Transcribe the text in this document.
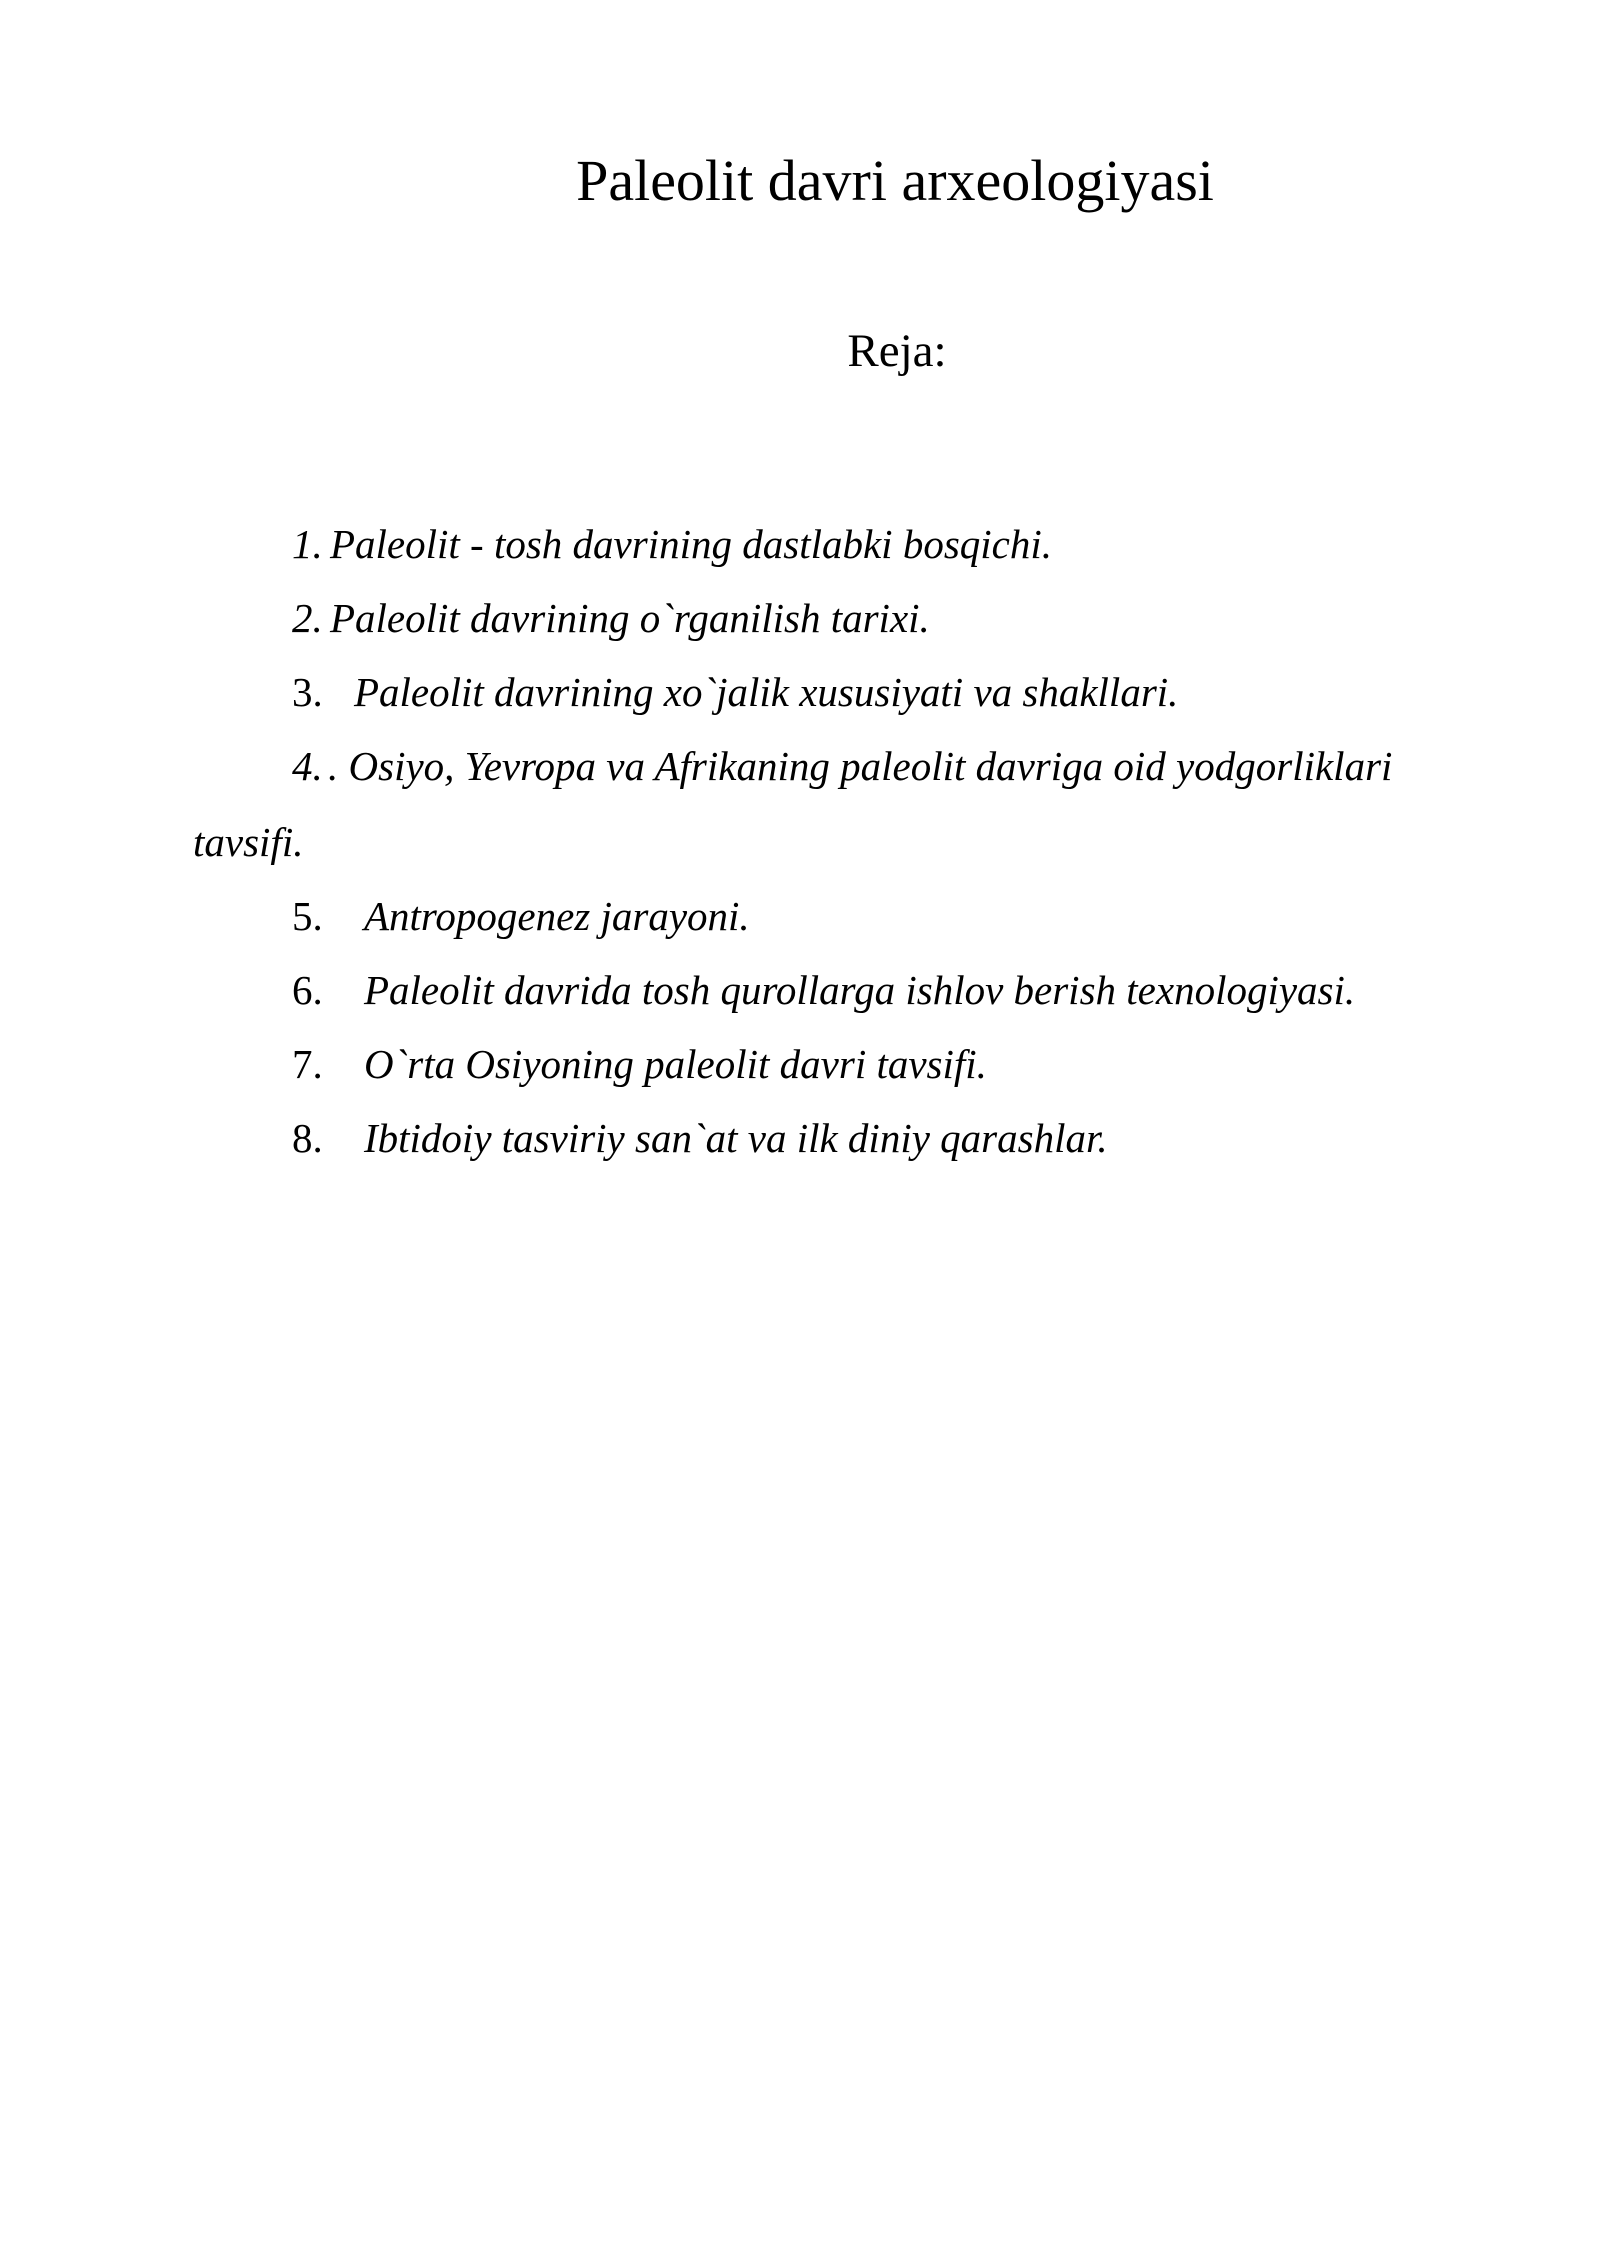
Paleolit davri arxeologiyasi
Reja:
1. Paleolit - tosh davrining dastlabki bosqichi.
2. Paleolit davrining o`rganilish tarixi.
3. Paleolit davrining xo`jalik xususiyati va shakllari.
4. . Osiyo, Yevropa va Afrikaning paleolit davriga oid yodgorliklari
tavsifi.
5. Antropogenez jarayoni.
6. Paleolit davrida tosh qurollarga ishlov berish texnologiyasi.
7. O`rta Osiyoning paleolit davri tavsifi.
8. Ibtidoiy tasviriy san`at va ilk diniy qarashlar.
